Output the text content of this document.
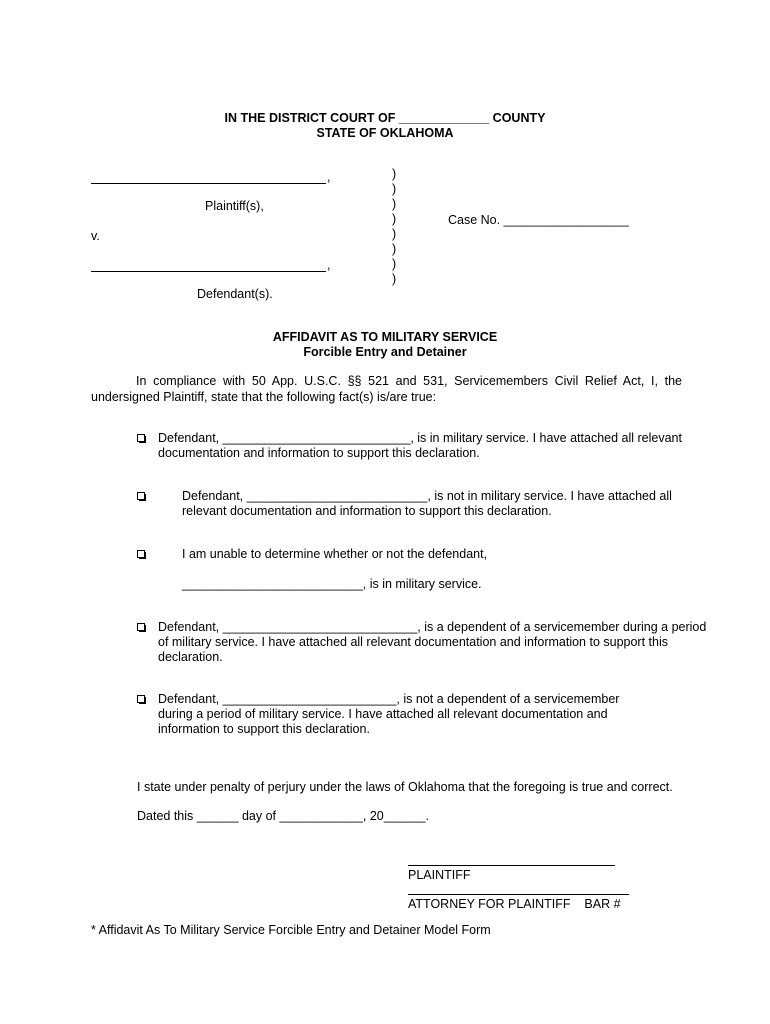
IN THE DISTRICT COURT OF _____________ COUNTY
STATE OF OKLAHOMA
,
Plaintiff(s),
v.
,
Defendant(s).
)
)
)
)
)
)
)
)
Case No. __________________
AFFIDAVIT AS TO MILITARY SERVICE
Forcible Entry and Detainer
In compliance with 50 App. U.S.C. §§ 521 and 531, Servicemembers Civil Relief Act, I, the undersigned Plaintiff, state that the following fact(s) is/are true:
Defendant, ___________________________, is in military service. I have attached all relevant
documentation and information to support this declaration.
Defendant, __________________________, is not in military service. I have attached all
relevant documentation and information to support this declaration.
I am unable to determine whether or not the defendant,
__________________________, is in military service.
Defendant, ____________________________, is a dependent of a servicemember during a period
of military service. I have attached all relevant documentation and information to support this
declaration.
Defendant, _________________________, is not a dependent of a servicemember
during a period of military service. I have attached all relevant documentation and
information to support this declaration.
I state under penalty of perjury under the laws of Oklahoma that the foregoing is true and correct.
Dated this ______ day of ____________, 20______.
PLAINTIFF
ATTORNEY FOR PLAINTIFF    BAR #
* Affidavit As To Military Service Forcible Entry and Detainer Model Form
